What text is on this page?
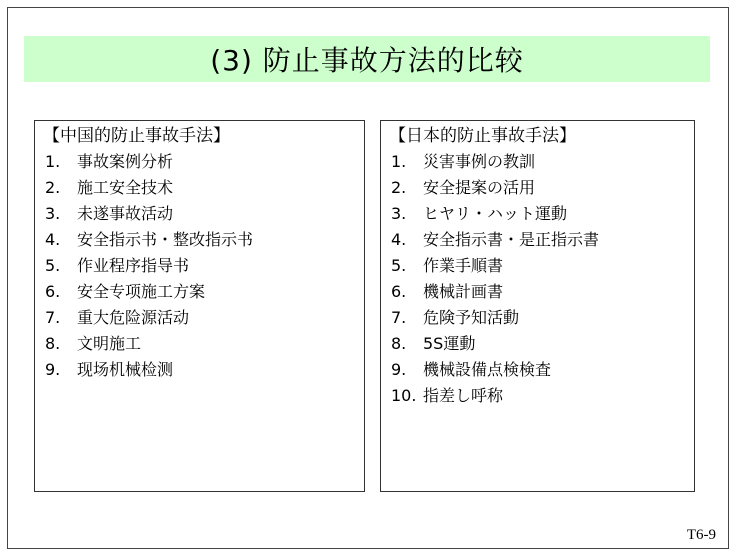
(3) 防止事故方法的比较
【中国的防止事故手法】
1. 事故案例分析
2. 施工安全技术
3. 未遂事故活动
4. 安全指示书・整改指示书
5. 作业程序指导书
6. 安全专项施工方案
7. 重大危险源活动
8. 文明施工
9. 现场机械检测
【日本的防止事故手法】
1. 災害事例の教訓
2. 安全提案の活用
3. ヒヤリ・ハット運動
4. 安全指示書・是正指示書
5. 作業手順書
6. 機械計画書
7. 危険予知活動
8. 5S運動
9. 機械設備点検検査
10. 指差し呼称
T6-9
